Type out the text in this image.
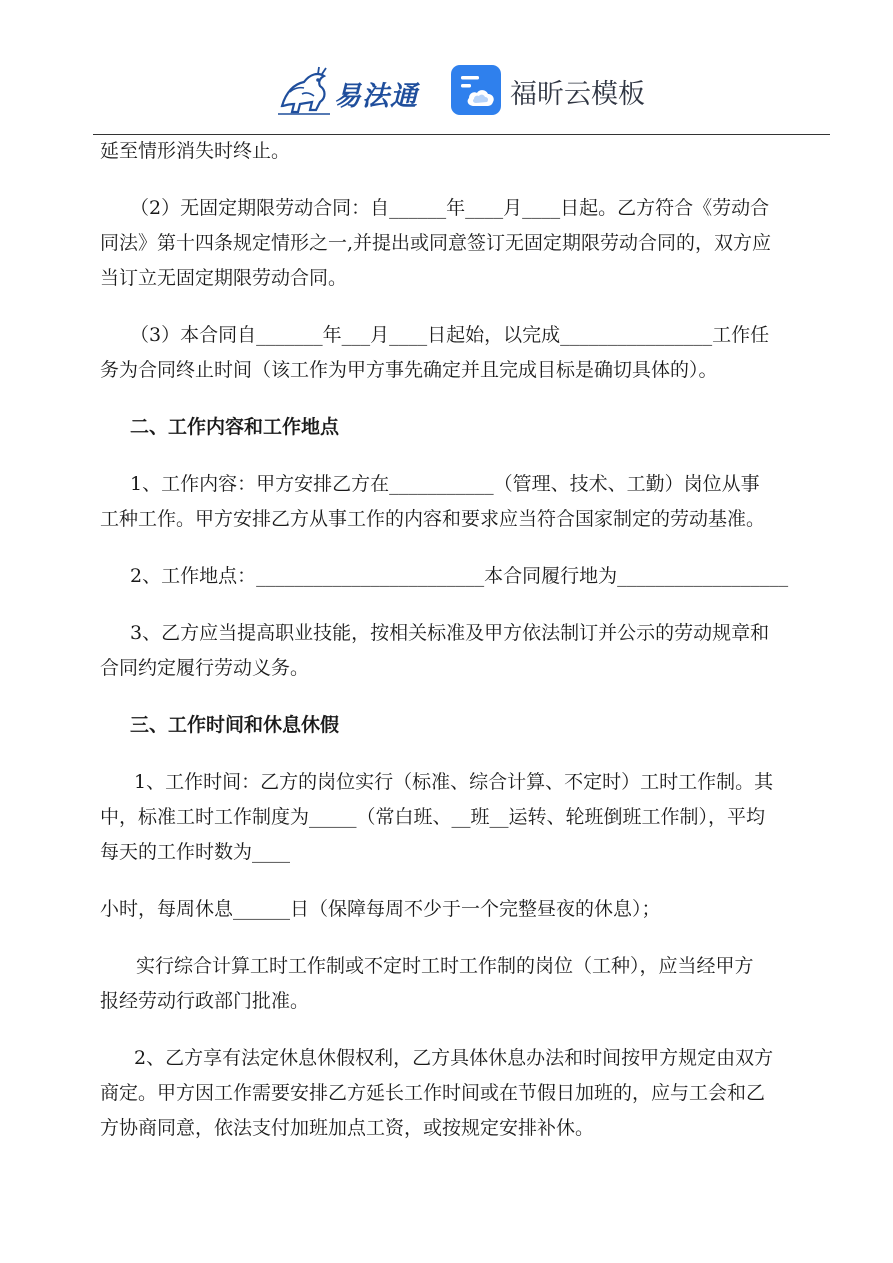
易法通	福昕云模板
延至情形消失时终止。
（2）无固定期限劳动合同：自______年____月____日起。乙方符合《劳动合
同法》第十四条规定情形之一,并提出或同意签订无固定期限劳动合同的，双方应
当订立无固定期限劳动合同。
（3）本合同自_______年___月____日起始，以完成________________工作任
务为合同终止时间（该工作为甲方事先确定并且完成目标是确切具体的）。
二、工作内容和工作地点
1、工作内容：甲方安排乙方在___________（管理、技术、工勤）岗位从事
工种工作。甲方安排乙方从事工作的内容和要求应当符合国家制定的劳动基准。
2、工作地点：________________________本合同履行地为__________________
3、乙方应当提高职业技能，按相关标准及甲方依法制订并公示的劳动规章和
合同约定履行劳动义务。
三、工作时间和休息休假
1、工作时间：乙方的岗位实行（标准、综合计算、不定时）工时工作制。其
中，标准工时工作制度为_____（常白班、__班__运转、轮班倒班工作制），平均
每天的工作时数为____
小时，每周休息______日（保障每周不少于一个完整昼夜的休息）；
实行综合计算工时工作制或不定时工时工作制的岗位（工种），应当经甲方
报经劳动行政部门批准。
2、乙方享有法定休息休假权利，乙方具体休息办法和时间按甲方规定由双方
商定。甲方因工作需要安排乙方延长工作时间或在节假日加班的，应与工会和乙
方协商同意，依法支付加班加点工资，或按规定安排补休。
